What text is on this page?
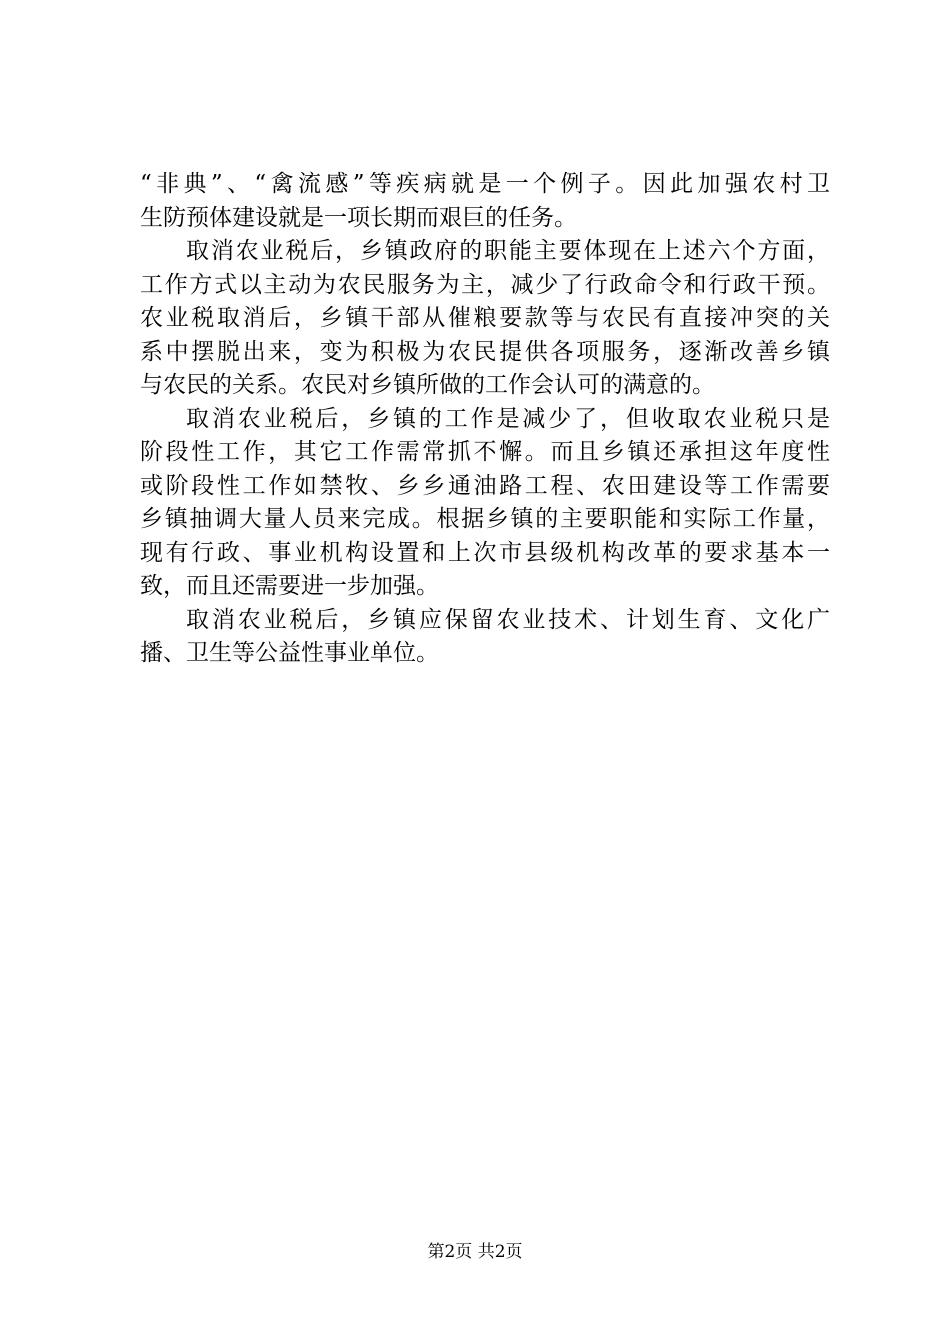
“非典”、“禽流感”等疾病就是一个例子。因此加强农村卫
生防预体建设就是一项长期而艰巨的任务。
取消农业税后，乡镇政府的职能主要体现在上述六个方面，
工作方式以主动为农民服务为主，减少了行政命令和行政干预。
农业税取消后，乡镇干部从催粮要款等与农民有直接冲突的关
系中摆脱出来，变为积极为农民提供各项服务，逐渐改善乡镇
与农民的关系。农民对乡镇所做的工作会认可的满意的。
取消农业税后，乡镇的工作是减少了，但收取农业税只是
阶段性工作，其它工作需常抓不懈。而且乡镇还承担这年度性
或阶段性工作如禁牧、乡乡通油路工程、农田建设等工作需要
乡镇抽调大量人员来完成。根据乡镇的主要职能和实际工作量，
现有行政、事业机构设置和上次市县级机构改革的要求基本一
致，而且还需要进一步加强。
取消农业税后，乡镇应保留农业技术、计划生育、文化广
播、卫生等公益性事业单位。
第2页 共2页
